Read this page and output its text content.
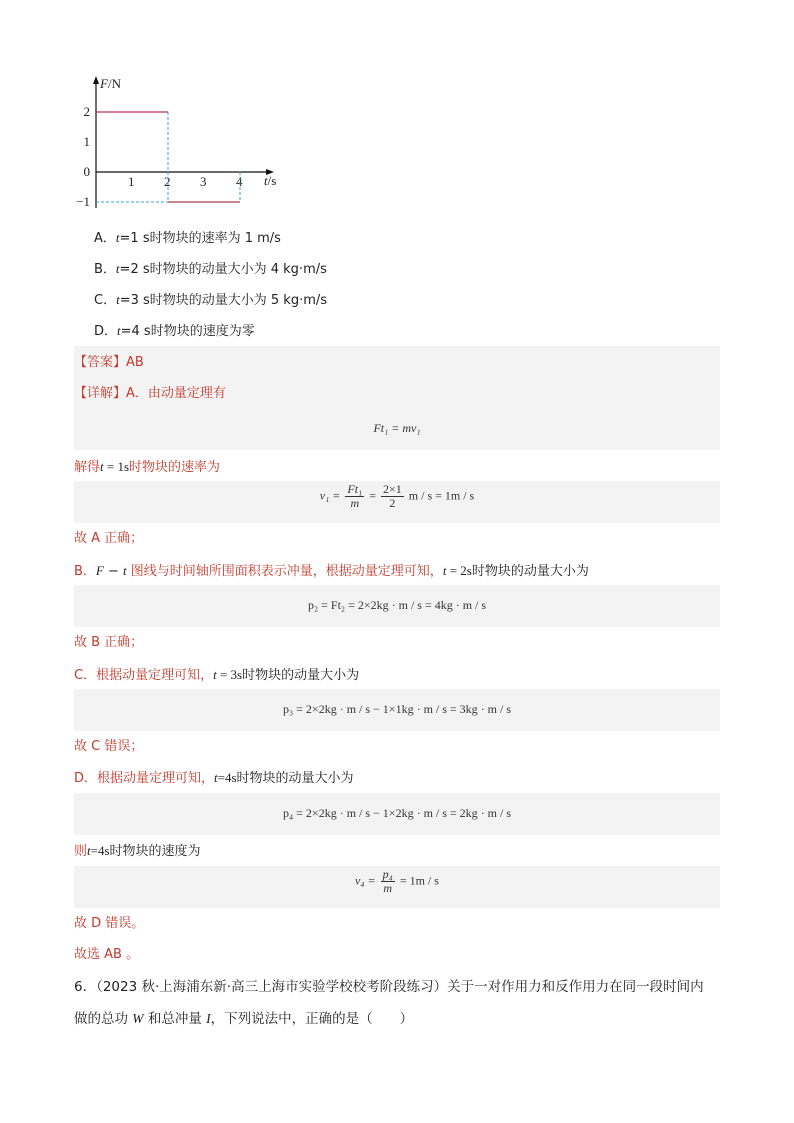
F/N
t/s
1 2 3 4
2
1
0
−1
A．t=1 s时物块的速率为 1 m/s
B．t=2 s时物块的动量大小为 4 kg·m/s
C．t=3 s时物块的动量大小为 5 kg·m/s
D．t=4 s时物块的速度为零
【答案】AB
【详解】A．由动量定理有
Ft₁ = mv₁
解得t = 1s时物块的速率为
$v_1 = \frac{\text{Ft₁}}{m} = \frac{2\times 1}{2}$ m / s = 1m / s
故 A 正确；
B．F − t 图线与时间轴所围面积表示冲量，根据动量定理可知，t = 2s时物块的动量大小为
p₂ = Ft₂ = 2×2kg · m / s = 4kg · m / s
故 B 正确；
C．根据动量定理可知，t = 3s时物块的动量大小为
p₃ = 2×2kg · m / s − 1×1kg · m / s = 3kg · m / s
故 C 错误；
D．根据动量定理可知，t=4s时物块的动量大小为
p₄ = 2×2kg · m / s − 1×2kg · m / s = 2kg · m / s
则t=4s时物块的速度为
$v_4 = \frac{\text{p₄}}{m} = 1m / s$
故 D 错误。
故选 AB 。
6．（2023 秋·上海浦东新·高三上海市实验学校校考阶段练习）关于一对作用力和反作用力在同一段时间内
做的总功 W 和总冲量 I，下列说法中，正确的是（　　）
